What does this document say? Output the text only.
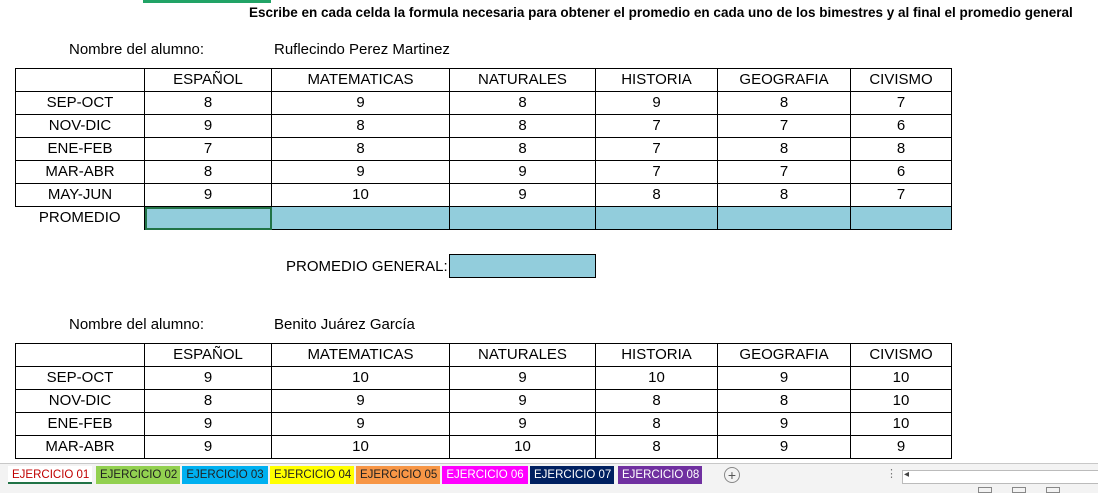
Escribe en cada celda la formula necesaria para obtener el promedio en cada uno de los bimestres y al final el promedio general
Nombre del alumno:	Ruflecindo Perez Martinez
	ESPAÑOL	MATEMATICAS	NATURALES	HISTORIA	GEOGRAFIA	CIVISMO
SEP-OCT	8	9	8	9	8	7
NOV-DIC	9	8	8	7	7	6
ENE-FEB	7	8	8	7	8	8
MAR-ABR	8	9	9	7	7	6
MAY-JUN	9	10	9	8	8	7
PROMEDIO						
PROMEDIO GENERAL:
Nombre del alumno:	Benito Juárez García
	ESPAÑOL	MATEMATICAS	NATURALES	HISTORIA	GEOGRAFIA	CIVISMO
SEP-OCT	9	10	9	10	9	10
NOV-DIC	8	9	9	8	8	10
ENE-FEB	9	9	9	8	9	10
MAR-ABR	9	10	10	8	9	9
EJERCICIO 01 EJERCICIO 02 EJERCICIO 03 EJERCICIO 04 EJERCICIO 05 EJERCICIO 06 EJERCICIO 07 EJERCICIO 08 +	⋮ ◂
